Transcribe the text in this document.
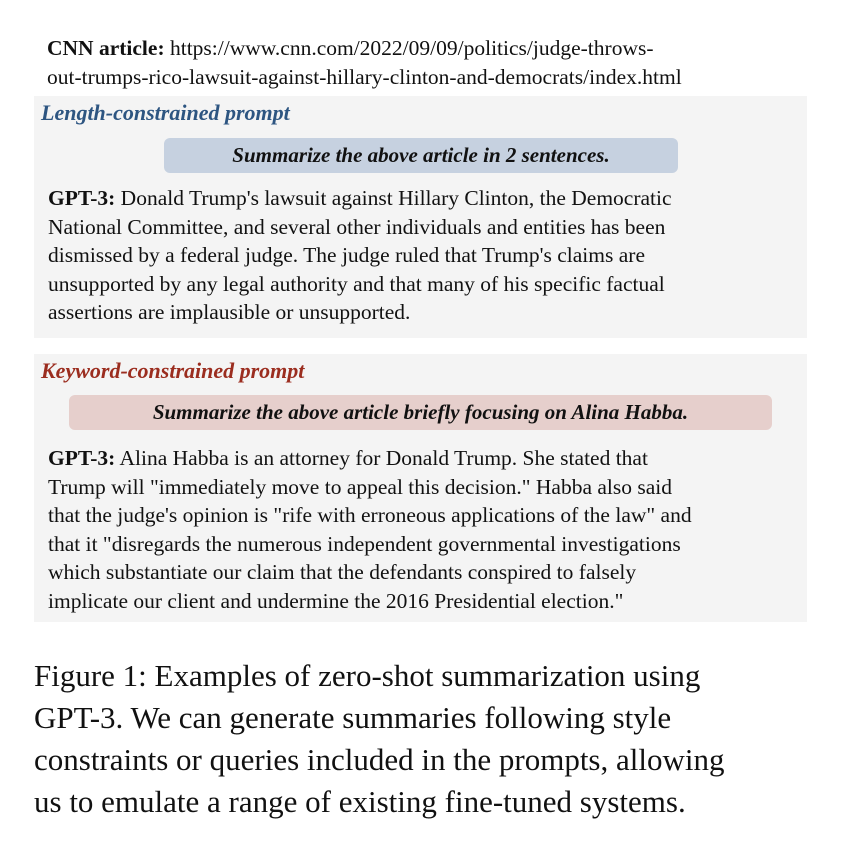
CNN article: https://www.cnn.com/2022/09/09/politics/judge-throws-
out-trumps-rico-lawsuit-against-hillary-clinton-and-democrats/index.html
Length-constrained prompt
Summarize the above article in 2 sentences.
GPT-3: Donald Trump's lawsuit against Hillary Clinton, the Democratic
National Committee, and several other individuals and entities has been
dismissed by a federal judge. The judge ruled that Trump's claims are
unsupported by any legal authority and that many of his specific factual
assertions are implausible or unsupported.
Keyword-constrained prompt
Summarize the above article briefly focusing on Alina Habba.
GPT-3: Alina Habba is an attorney for Donald Trump. She stated that
Trump will "immediately move to appeal this decision." Habba also said
that the judge's opinion is "rife with erroneous applications of the law" and
that it "disregards the numerous independent governmental investigations
which substantiate our claim that the defendants conspired to falsely
implicate our client and undermine the 2016 Presidential election."
Figure 1: Examples of zero-shot summarization using
GPT-3. We can generate summaries following style
constraints or queries included in the prompts, allowing
us to emulate a range of existing fine-tuned systems.
